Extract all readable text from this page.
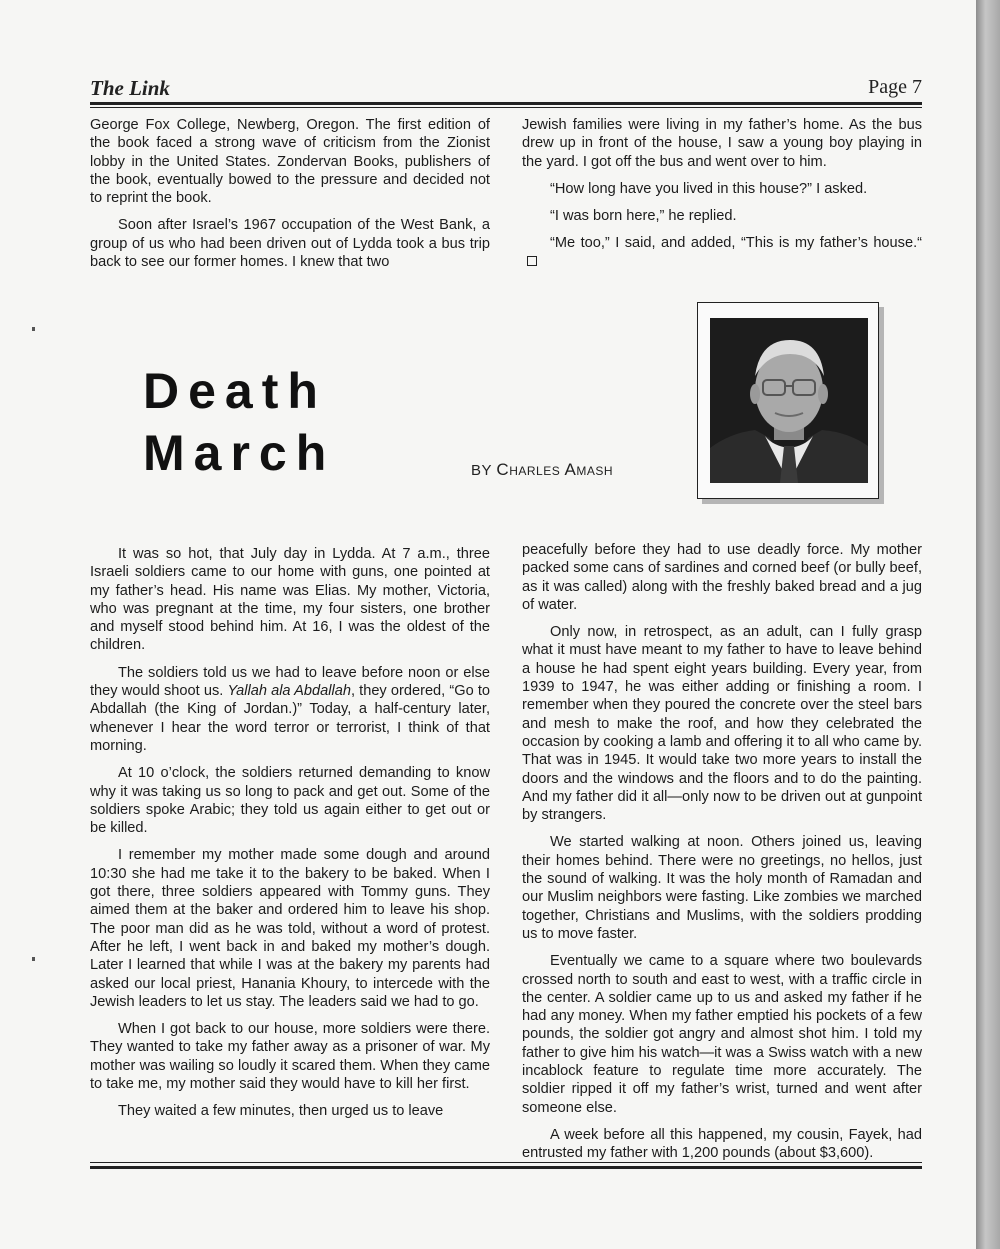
The Link	Page 7

George Fox College, Newberg, Oregon. The first edition of the book faced a strong wave of criticism from the Zionist lobby in the United States. Zondervan Books, publishers of the book, eventually bowed to the pressure and decided not to reprint the book.

Soon after Israel’s 1967 occupation of the West Bank, a group of us who had been driven out of Lydda took a bus trip back to see our former homes. I knew that two

Jewish families were living in my father’s home. As the bus drew up in front of the house, I saw a young boy playing in the yard. I got off the bus and went over to him.

“How long have you lived in this house?” I asked.

“I was born here,” he replied.

“Me too,” I said, and added, “This is my father’s house.“

Death
March	BY Charles Amash

It was so hot, that July day in Lydda. At 7 a.m., three Israeli soldiers came to our home with guns, one pointed at my father’s head. His name was Elias. My mother, Victoria, who was pregnant at the time, my four sisters, one brother and myself stood behind him. At 16, I was the oldest of the children.

The soldiers told us we had to leave before noon or else they would shoot us. Yallah ala Abdallah, they ordered, “Go to Abdallah (the King of Jordan.)” Today, a half-century later, whenever I hear the word terror or terrorist, I think of that morning.

At 10 o’clock, the soldiers returned demanding to know why it was taking us so long to pack and get out. Some of the soldiers spoke Arabic; they told us again either to get out or be killed.

I remember my mother made some dough and around 10:30 she had me take it to the bakery to be baked. When I got there, three soldiers appeared with Tommy guns. They aimed them at the baker and ordered him to leave his shop. The poor man did as he was told, without a word of protest. After he left, I went back in and baked my mother’s dough. Later I learned that while I was at the bakery my parents had asked our local priest, Hanania Khoury, to intercede with the Jewish leaders to let us stay. The leaders said we had to go.

When I got back to our house, more soldiers were there. They wanted to take my father away as a prisoner of war. My mother was wailing so loudly it scared them. When they came to take me, my mother said they would have to kill her first.

They waited a few minutes, then urged us to leave

peacefully before they had to use deadly force. My mother packed some cans of sardines and corned beef (or bully beef, as it was called) along with the freshly baked bread and a jug of water.

Only now, in retrospect, as an adult, can I fully grasp what it must have meant to my father to have to leave behind a house he had spent eight years building. Every year, from 1939 to 1947, he was either adding or finishing a room. I remember when they poured the concrete over the steel bars and mesh to make the roof, and how they celebrated the occasion by cooking a lamb and offering it to all who came by. That was in 1945. It would take two more years to install the doors and the windows and the floors and to do the painting. And my father did it all—only now to be driven out at gunpoint by strangers.

We started walking at noon. Others joined us, leaving their homes behind. There were no greetings, no hellos, just the sound of walking. It was the holy month of Ramadan and our Muslim neighbors were fasting. Like zombies we marched together, Christians and Muslims, with the soldiers prodding us to move faster.

Eventually we came to a square where two boulevards crossed north to south and east to west, with a traffic circle in the center. A soldier came up to us and asked my father if he had any money. When my father emptied his pockets of a few pounds, the soldier got angry and almost shot him. I told my father to give him his watch—it was a Swiss watch with a new incablock feature to regulate time more accurately. The soldier ripped it off my father’s wrist, turned and went after someone else.

A week before all this happened, my cousin, Fayek, had entrusted my father with 1,200 pounds (about $3,600).
